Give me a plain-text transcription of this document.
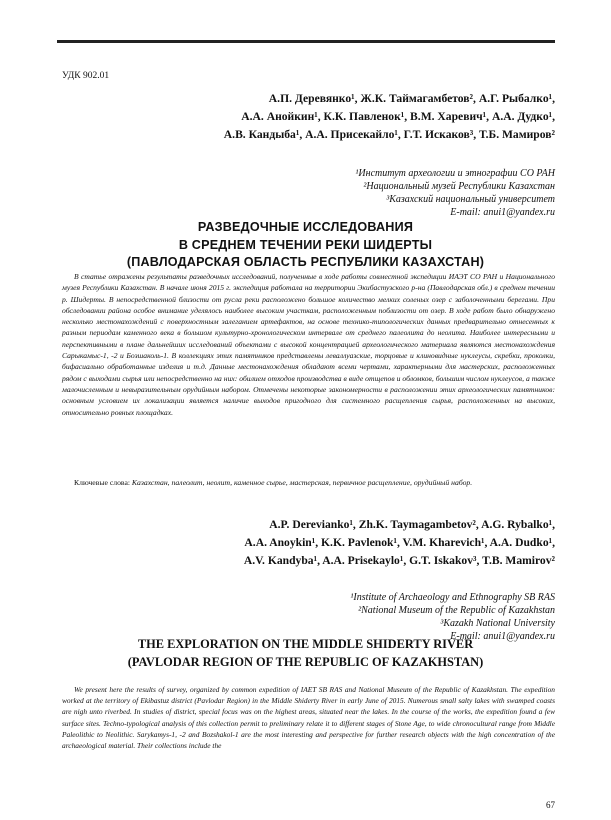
УДК 902.01
А.П. Деревянко¹, Ж.К. Таймагамбетов², А.Г. Рыбалко¹,
А.А. Анойкин¹, К.К. Павленок¹, В.М. Харевич¹, А.А. Дудко¹,
А.В. Кандыба¹, А.А. Присекайло¹, Г.Т. Искаков³, Т.Б. Мамиров²
¹Институт археологии и этнографии СО РАН
²Национальный музей Республики Казахстан
³Казахский национальный университет
E-mail: anui1@yandex.ru
РАЗВЕДОЧНЫЕ ИССЛЕДОВАНИЯ
В СРЕДНЕМ ТЕЧЕНИИ РЕКИ ШИДЕРТЫ
(ПАВЛОДАРСКАЯ ОБЛАСТЬ РЕСПУБЛИКИ КАЗАХСТАН)
В статье отражены результаты разведочных исследований, полученные в ходе работы совместной экспедиции ИАЭТ СО РАН и Национального музея Республики Казахстан. В начале июня 2015 г. экспедиция работала на территории Экибастузского р-на (Павлодарская обл.) в среднем течении р. Шидерты. В непосредственной близости от русла реки расположено большое количество мелких соленых озер с заболоченными берегами. При обследовании района особое внимание уделялось наиболее высоким участкам, расположенным поблизости от озер. В ходе работ было обнаружено несколько местонахождений с поверхностным залеганием артефактов, на основе технико-типологических данных предварительно отнесенных к разным периодам каменного века в большом культурно-хронологическом интервале от среднего палеолита до неолита. Наиболее интересными и перспективными в плане дальнейших исследований объектами с высокой концентрацией археологического материала являются местонахождения Сарыкамыс-1, -2 и Бозшаколь-1. В коллекциях этих памятников представлены леваллуазские, торцовые и клиновидные нуклеусы, скребки, проколки, бифасиально обработанные изделия и т.д. Данные местонахождения обладают всеми чертами, характерными для мастерских, расположенных рядом с выходами сырья или непосредственно на них: обилием отходов производства в виде отщепов и обломков, большим числом нуклеусов, а также малочисленным и невыразительным орудийным набором. Отмечены некоторые закономерности в расположении этих археологических памятников: основным условием их локализации является наличие выходов пригодного для системного расщепления сырья, расположенных на высоких, относительно ровных площадках.
Ключевые слова: Казахстан, палеолит, неолит, каменное сырье, мастерская, первичное расщепление, орудийный набор.
A.P. Derevianko¹, Zh.K. Taymagambetov², A.G. Rybalko¹,
A.A. Anoykin¹, K.K. Pavlenok¹, V.M. Kharevich¹, A.A. Dudko¹,
A.V. Kandyba¹, A.A. Prisekaylo¹, G.T. Iskakov³, T.B. Mamirov²
¹Institute of Archaeology and Ethnography SB RAS
²National Museum of the Republic of Kazakhstan
³Kazakh National University
E-mail: anui1@yandex.ru
THE EXPLORATION ON THE MIDDLE SHIDERTY RIVER
(PAVLODAR REGION OF THE REPUBLIC OF KAZAKHSTAN)
We present here the results of survey, organized by common expedition of IAET SB RAS and National Museum of the Republic of Kazakhstan. The expedition worked at the territory of Ekibastuz district (Pavlodar Region) in the Middle Shiderty River in early June of 2015. Numerous small salty lakes with swamped coasts are nigh unto riverbed. In studies of district, special focus was on the highest areas, situated near the lakes. In the course of the works, the expedition found a few surface sites. Techno-typological analysis of this collection permit to preliminary relate it to different stages of Stone Age, to wide chronocultural range from Middle Paleolithic to Neolithic. Sarykamys-1, -2 and Bozshakol-1 are the most interesting and perspective for further research objects with the high concentration of the archaeological material. Their collections include the
67
